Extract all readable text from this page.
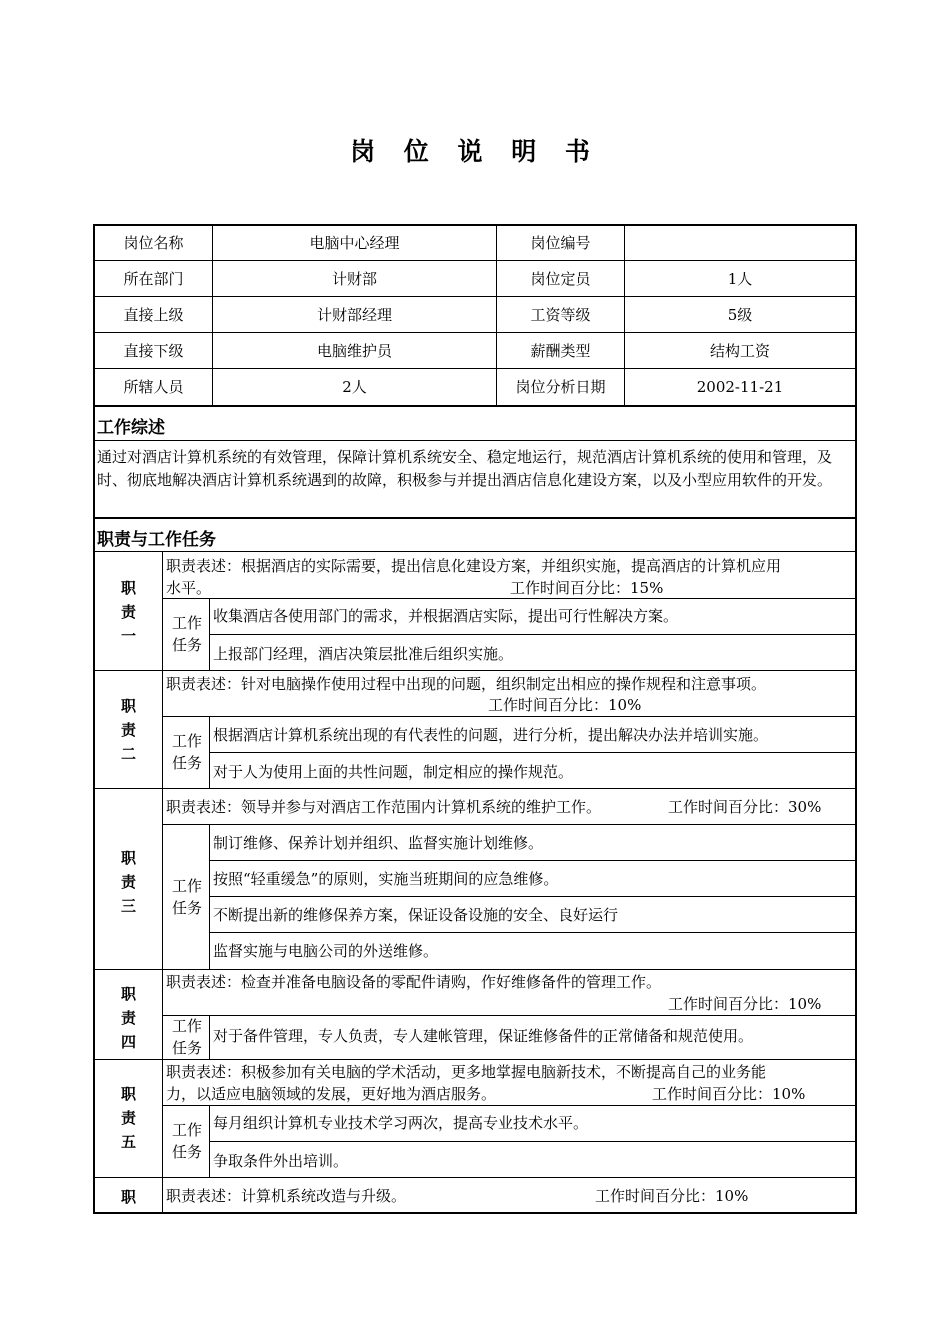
岗 位 说 明 书
岗位名称	电脑中心经理	岗位编号
所在部门	计财部	岗位定员	1人
直接上级	计财部经理	工资等级	5级
直接下级	电脑维护员	薪酬类型	结构工资
所辖人员	2人	岗位分析日期	2002-11-21
工作综述
通过对酒店计算机系统的有效管理，保障计算机系统安全、稳定地运行，规范酒店计算机系统的使用和管理，及时、彻底地解决酒店计算机系统遇到的故障，积极参与并提出酒店信息化建设方案，以及小型应用软件的开发。
职责与工作任务
职责一
职责表述：根据酒店的实际需要，提出信息化建设方案，并组织实施，提高酒店的计算机应用
水平。	工作时间百分比：15%
工作任务
收集酒店各使用部门的需求，并根据酒店实际，提出可行性解决方案。
上报部门经理，酒店决策层批准后组织实施。
职责二
职责表述：针对电脑操作使用过程中出现的问题，组织制定出相应的操作规程和注意事项。
工作时间百分比：10%
工作任务
根据酒店计算机系统出现的有代表性的问题，进行分析，提出解决办法并培训实施。
对于人为使用上面的共性问题，制定相应的操作规范。
职责三
职责表述：领导并参与对酒店工作范围内计算机系统的维护工作。	工作时间百分比：30%
工作任务
制订维修、保养计划并组织、监督实施计划维修。
按照“轻重缓急”的原则，实施当班期间的应急维修。
不断提出新的维修保养方案，保证设备设施的安全、良好运行
监督实施与电脑公司的外送维修。
职责四
职责表述：检查并准备电脑设备的零配件请购，作好维修备件的管理工作。
工作时间百分比：10%
工作任务
对于备件管理，专人负责，专人建帐管理，保证维修备件的正常储备和规范使用。
职责五
职责表述：积极参加有关电脑的学术活动，更多地掌握电脑新技术，不断提高自己的业务能
力，以适应电脑领域的发展，更好地为酒店服务。	工作时间百分比：10%
工作任务
每月组织计算机专业技术学习两次，提高专业技术水平。
争取条件外出培训。
职	职责表述：计算机系统改造与升级。	工作时间百分比：10%
